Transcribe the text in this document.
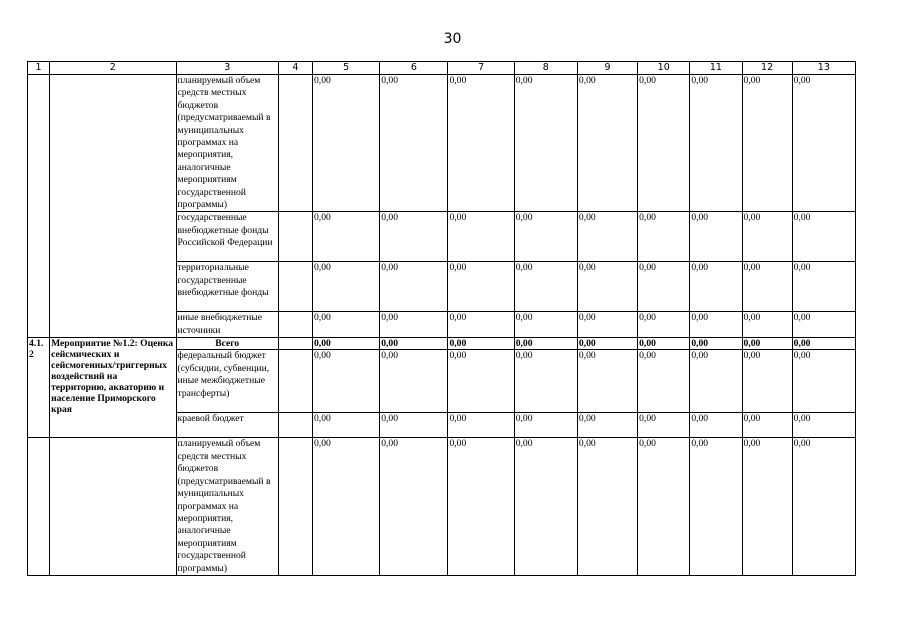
30
1	2	3	4	5	6	7	8	9	10	11	12	13
		планируемый объем средств местных бюджетов (предусматриваемый в муниципальных программах на мероприятия, аналогичные мероприятиям государственной программы)		0,00	0,00	0,00	0,00	0,00	0,00	0,00	0,00	0,00
		государственные внебюджетные фонды Российской Федерации		0,00	0,00	0,00	0,00	0,00	0,00	0,00	0,00	0,00
		территориальные государственные внебюджетные фонды		0,00	0,00	0,00	0,00	0,00	0,00	0,00	0,00	0,00
		иные внебюджетные источники		0,00	0,00	0,00	0,00	0,00	0,00	0,00	0,00	0,00
4.1.2	Мероприятие №1.2: Оценка сейсмических и сейсмогенных/триггерных воздействий на территорию, акваторию и население Приморского края	Всего		0,00	0,00	0,00	0,00	0,00	0,00	0,00	0,00	0,00
		федеральный бюджет (субсидии, субвенции, иные межбюджетные трансферты)		0,00	0,00	0,00	0,00	0,00	0,00	0,00	0,00	0,00
		краевой бюджет		0,00	0,00	0,00	0,00	0,00	0,00	0,00	0,00	0,00
		планируемый объем средств местных бюджетов (предусматриваемый в муниципальных программах на мероприятия, аналогичные мероприятиям государственной программы)		0,00	0,00	0,00	0,00	0,00	0,00	0,00	0,00	0,00
